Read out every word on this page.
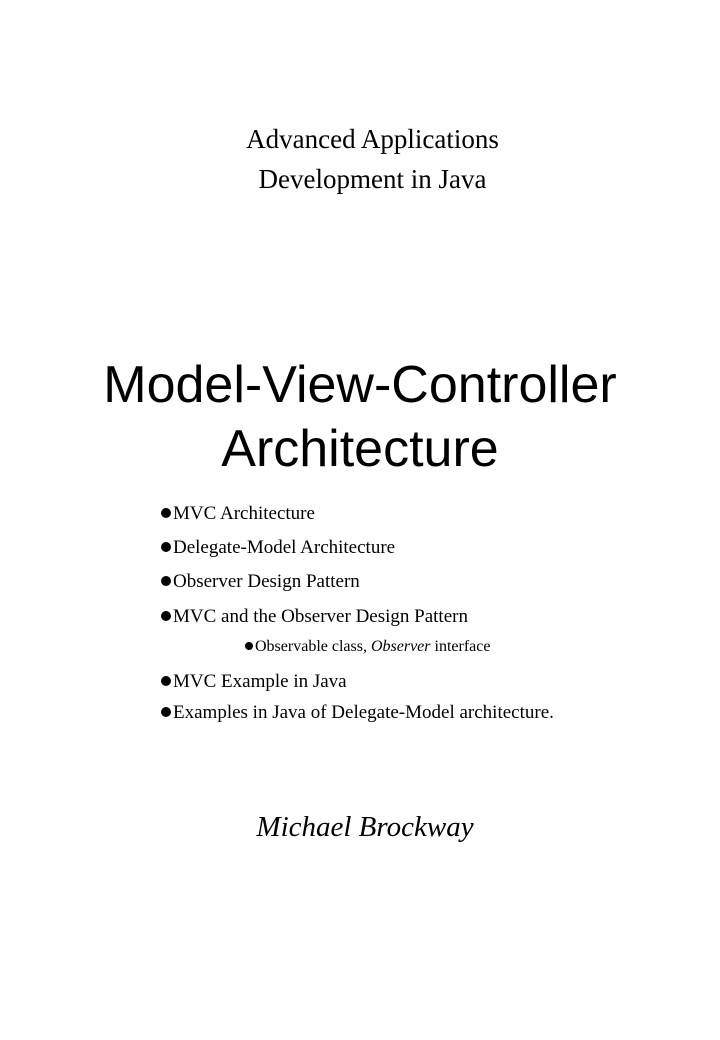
Advanced Applications
Development in Java
Model-View-Controller
Architecture
MVC Architecture
Delegate-Model Architecture
Observer Design Pattern
MVC and the Observer Design Pattern
Observable class, Observer interface
MVC Example in Java
Examples in Java of Delegate-Model architecture.
Michael Brockway
